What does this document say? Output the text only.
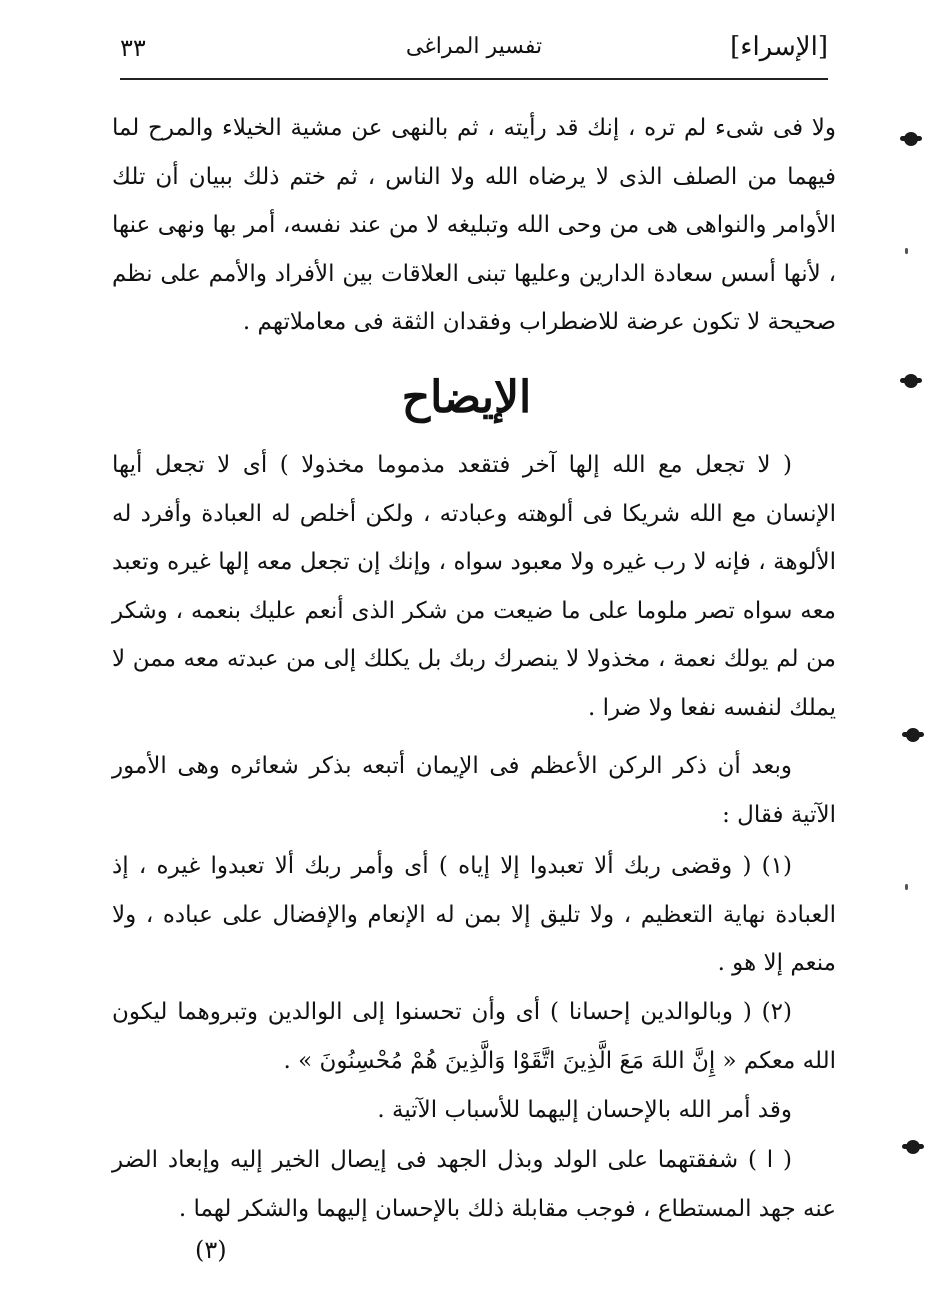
[الإسراء]
تفسير المراغى
٣٣
ولا فى شىء لم تره ، إنك قد رأيته ، ثم بالنهى عن مشية الخيلاء والمرح لما فيهما من الصلف الذى لا يرضاه الله ولا الناس ، ثم ختم ذلك ببيان أن تلك الأوامر والنواهى هى من وحى الله وتبليغه لا من عند نفسه، أمر بها ونهى عنها ، لأنها أسس سعادة الدارين وعليها تبنى العلاقات بين الأفراد والأمم على نظم صحيحة لا تكون عرضة للاضطراب وفقدان الثقة فى معاملاتهم .
الإيضاح
( لا تجعل مع الله إلها آخر فتقعد مذموما مخذولا ) أى لا تجعل أيها الإنسان مع الله شريكا فى ألوهته وعبادته ، ولكن أخلص له العبادة وأفرد له الألوهة ، فإنه لا رب غيره ولا معبود سواه ، وإنك إن تجعل معه إلها غيره وتعبد معه سواه تصر ملوما على ما ضيعت من شكر الذى أنعم عليك بنعمه ، وشكر من لم يولك نعمة ، مخذولا لا ينصرك ربك بل يكلك إلى من عبدته معه ممن لا يملك لنفسه نفعا ولا ضرا .
وبعد أن ذكر الركن الأعظم فى الإيمان أتبعه بذكر شعائره وهى الأمور الآتية فقال :
(١) ( وقضى ربك ألا تعبدوا إلا إياه ) أى وأمر ربك ألا تعبدوا غيره ، إذ العبادة نهاية التعظيم ، ولا تليق إلا بمن له الإنعام والإفضال على عباده ، ولا منعم إلا هو .
(٢) ( وبالوالدين إحسانا ) أى وأن تحسنوا إلى الوالدين وتبروهما ليكون الله معكم « إِنَّ اللهَ مَعَ الَّذِينَ اتَّقَوْا وَالَّذِينَ هُمْ مُحْسِنُونَ » .
وقد أمر الله بالإحسان إليهما للأسباب الآتية .
( ا ) شفقتهما على الولد وبذل الجهد فى إيصال الخير إليه وإبعاد الضر عنه جهد المستطاع ، فوجب مقابلة ذلك بالإحسان إليهما والشكر لهما .
(٣)
